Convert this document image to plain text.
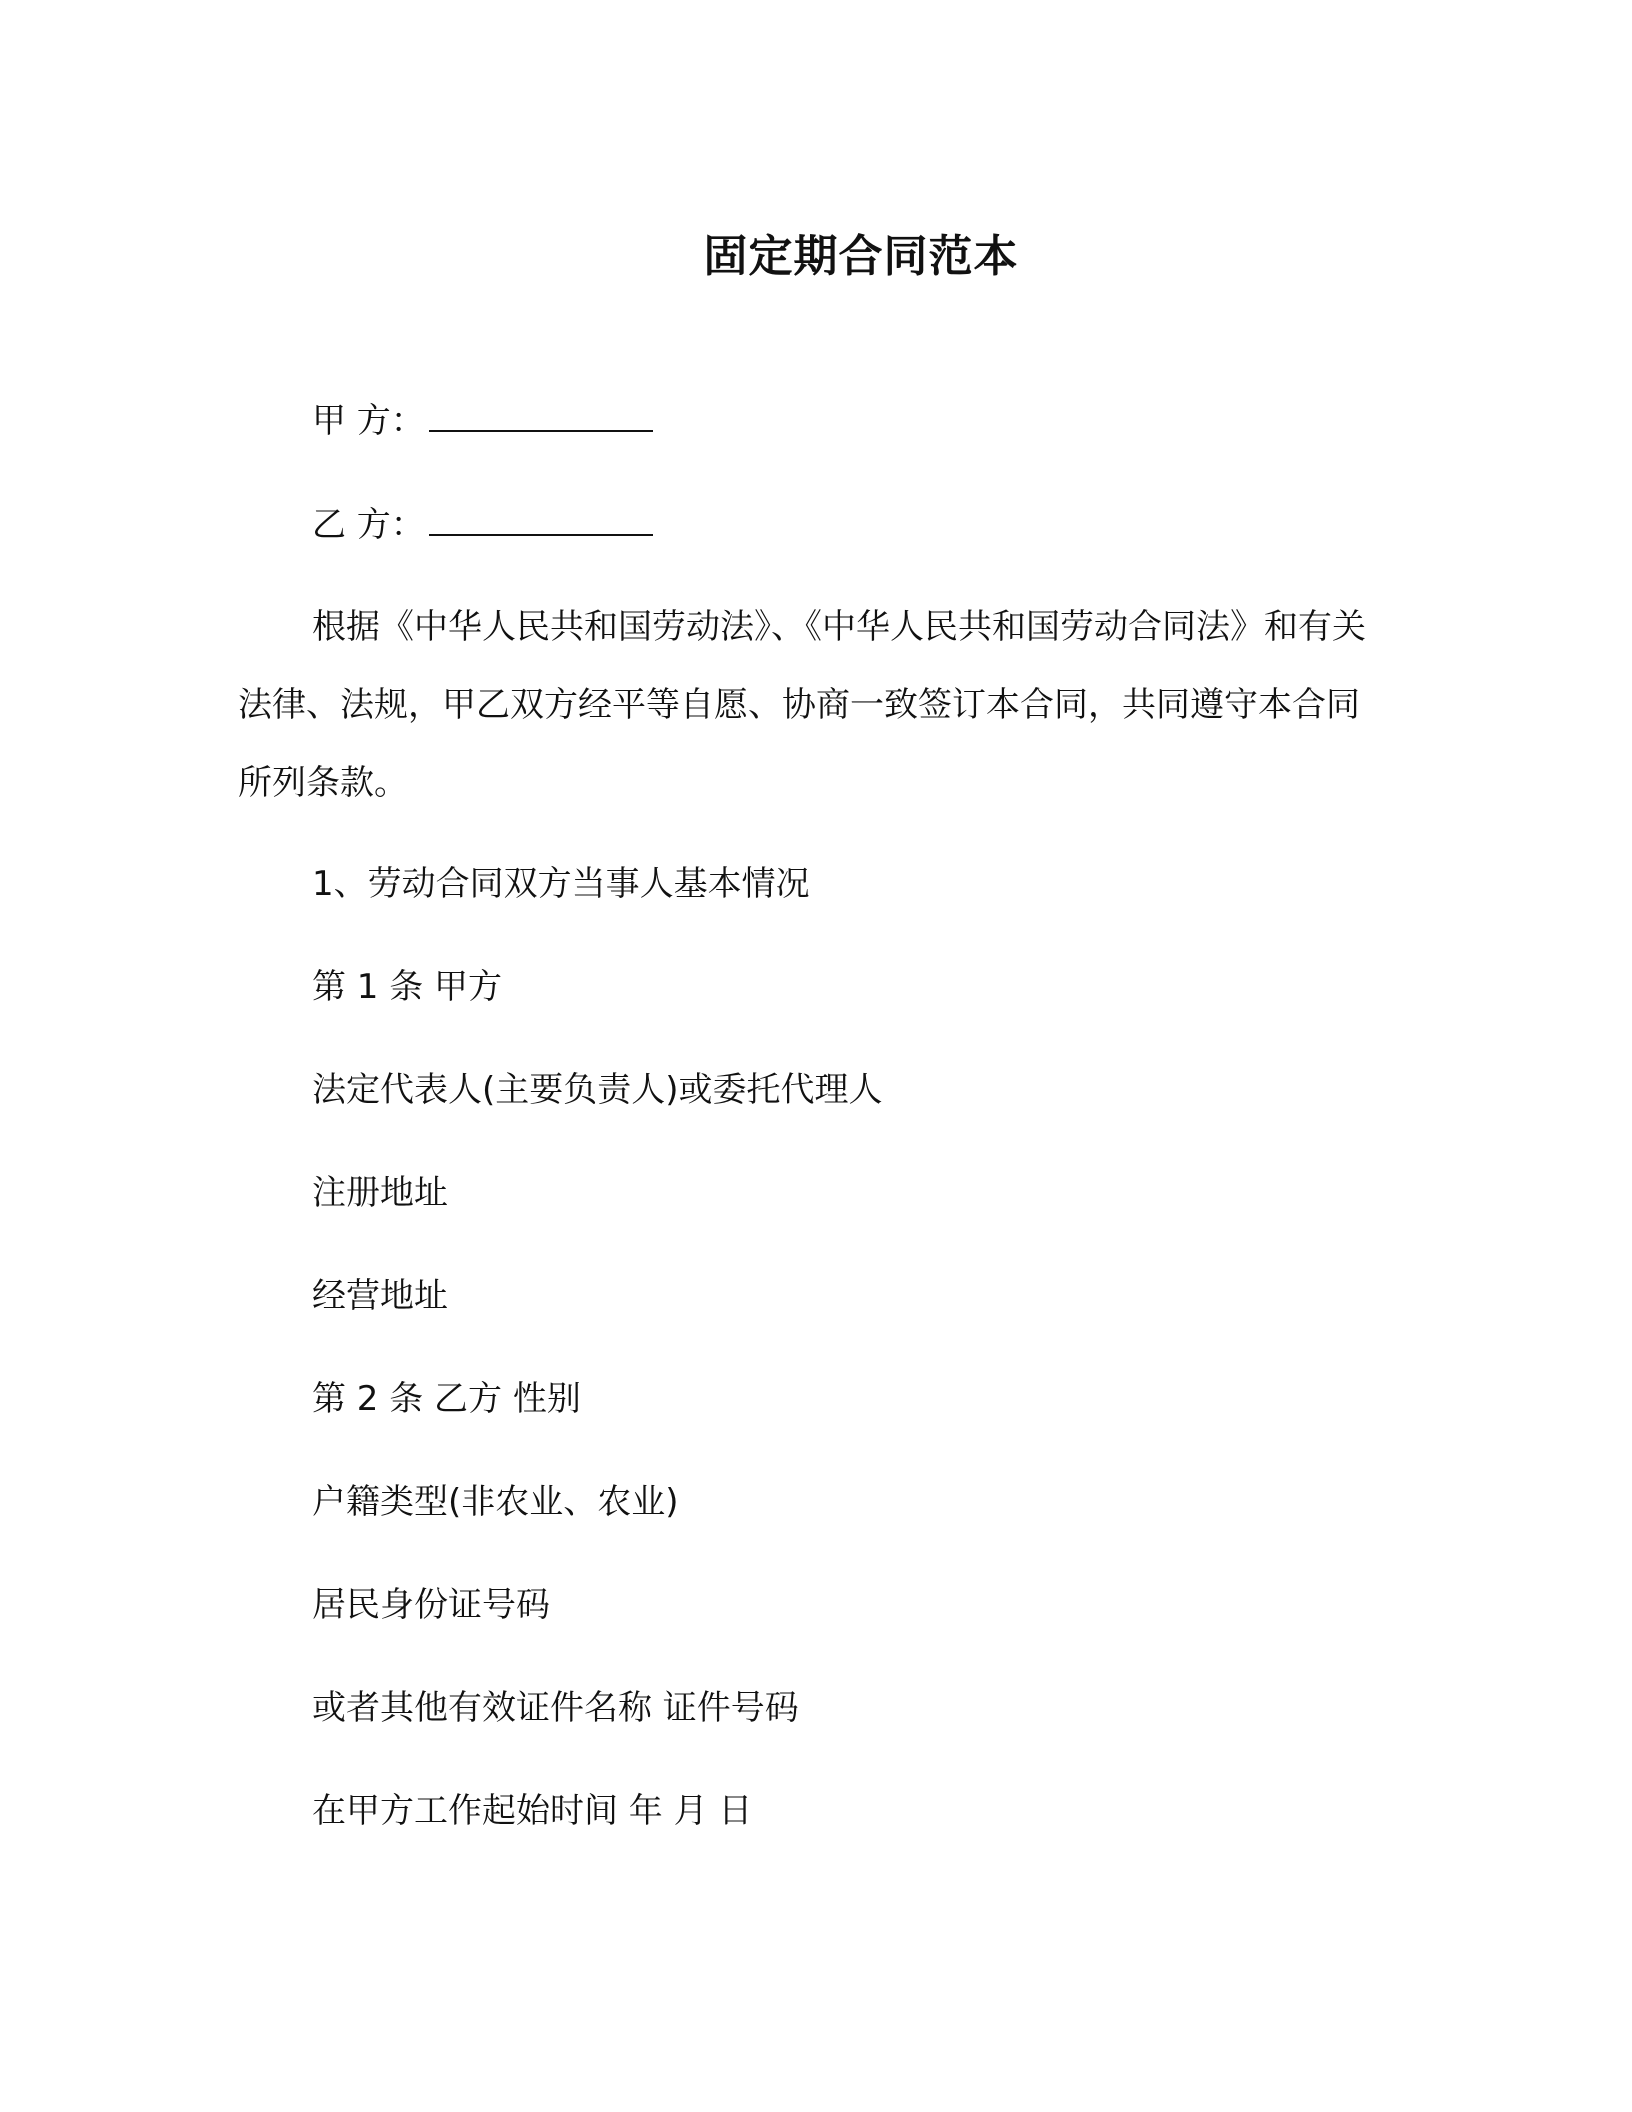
固定期合同范本
甲 方：
乙 方：
根据《中华人民共和国劳动法》、《中华人民共和国劳动合同法》和有关法律、法规，甲乙双方经平等自愿、协商一致签订本合同，共同遵守本合同所列条款。
1、劳动合同双方当事人基本情况
第 1 条 甲方
法定代表人(主要负责人)或委托代理人
注册地址
经营地址
第 2 条 乙方 性别
户籍类型(非农业、农业)
居民身份证号码
或者其他有效证件名称 证件号码
在甲方工作起始时间 年 月 日
